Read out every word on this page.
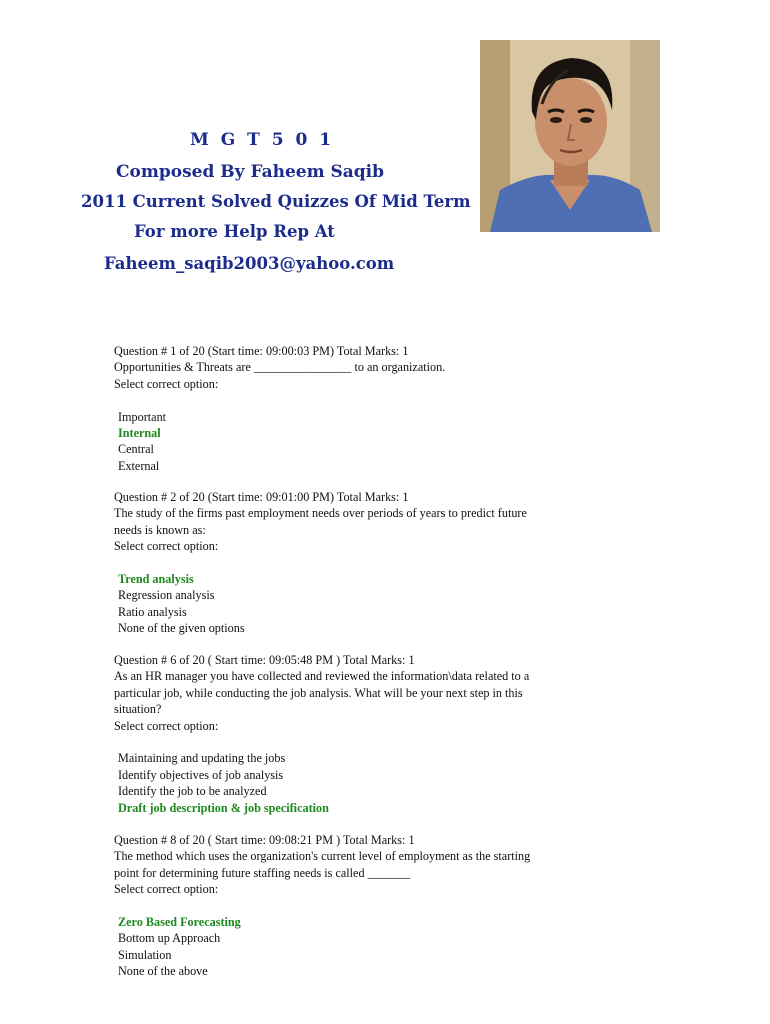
M G T 5 0 1
Composed By Faheem Saqib
2011 Current Solved Quizzes Of Mid Term
For more Help Rep At
Faheem_saqib2003@yahoo.com

Question # 1 of 20 (Start time: 09:00:03 PM) Total Marks: 1

Opportunities & Threats are ________________ to an organization.

Select correct option:

Important
Internal
Central
External

Question # 2 of 20 (Start time: 09:01:00 PM) Total Marks: 1

The study of the firms past employment needs over periods of years to predict future

needs is known as:

Select correct option:

Trend analysis
Regression analysis
Ratio analysis
None of the given options

Question # 6 of 20 ( Start time: 09:05:48 PM ) Total Marks: 1

As an HR manager you have collected and reviewed the information\data related to a

particular job, while conducting the job analysis. What will be your next step in this

situation?

Select correct option:

Maintaining and updating the jobs
Identify objectives of job analysis
Identify the job to be analyzed
Draft job description & job specification

Question # 8 of 20 ( Start time: 09:08:21 PM ) Total Marks: 1

The method which uses the organization's current level of employment as the starting

point for determining future staffing needs is called _______

Select correct option:

Zero Based Forecasting
Bottom up Approach
Simulation
None of the above
